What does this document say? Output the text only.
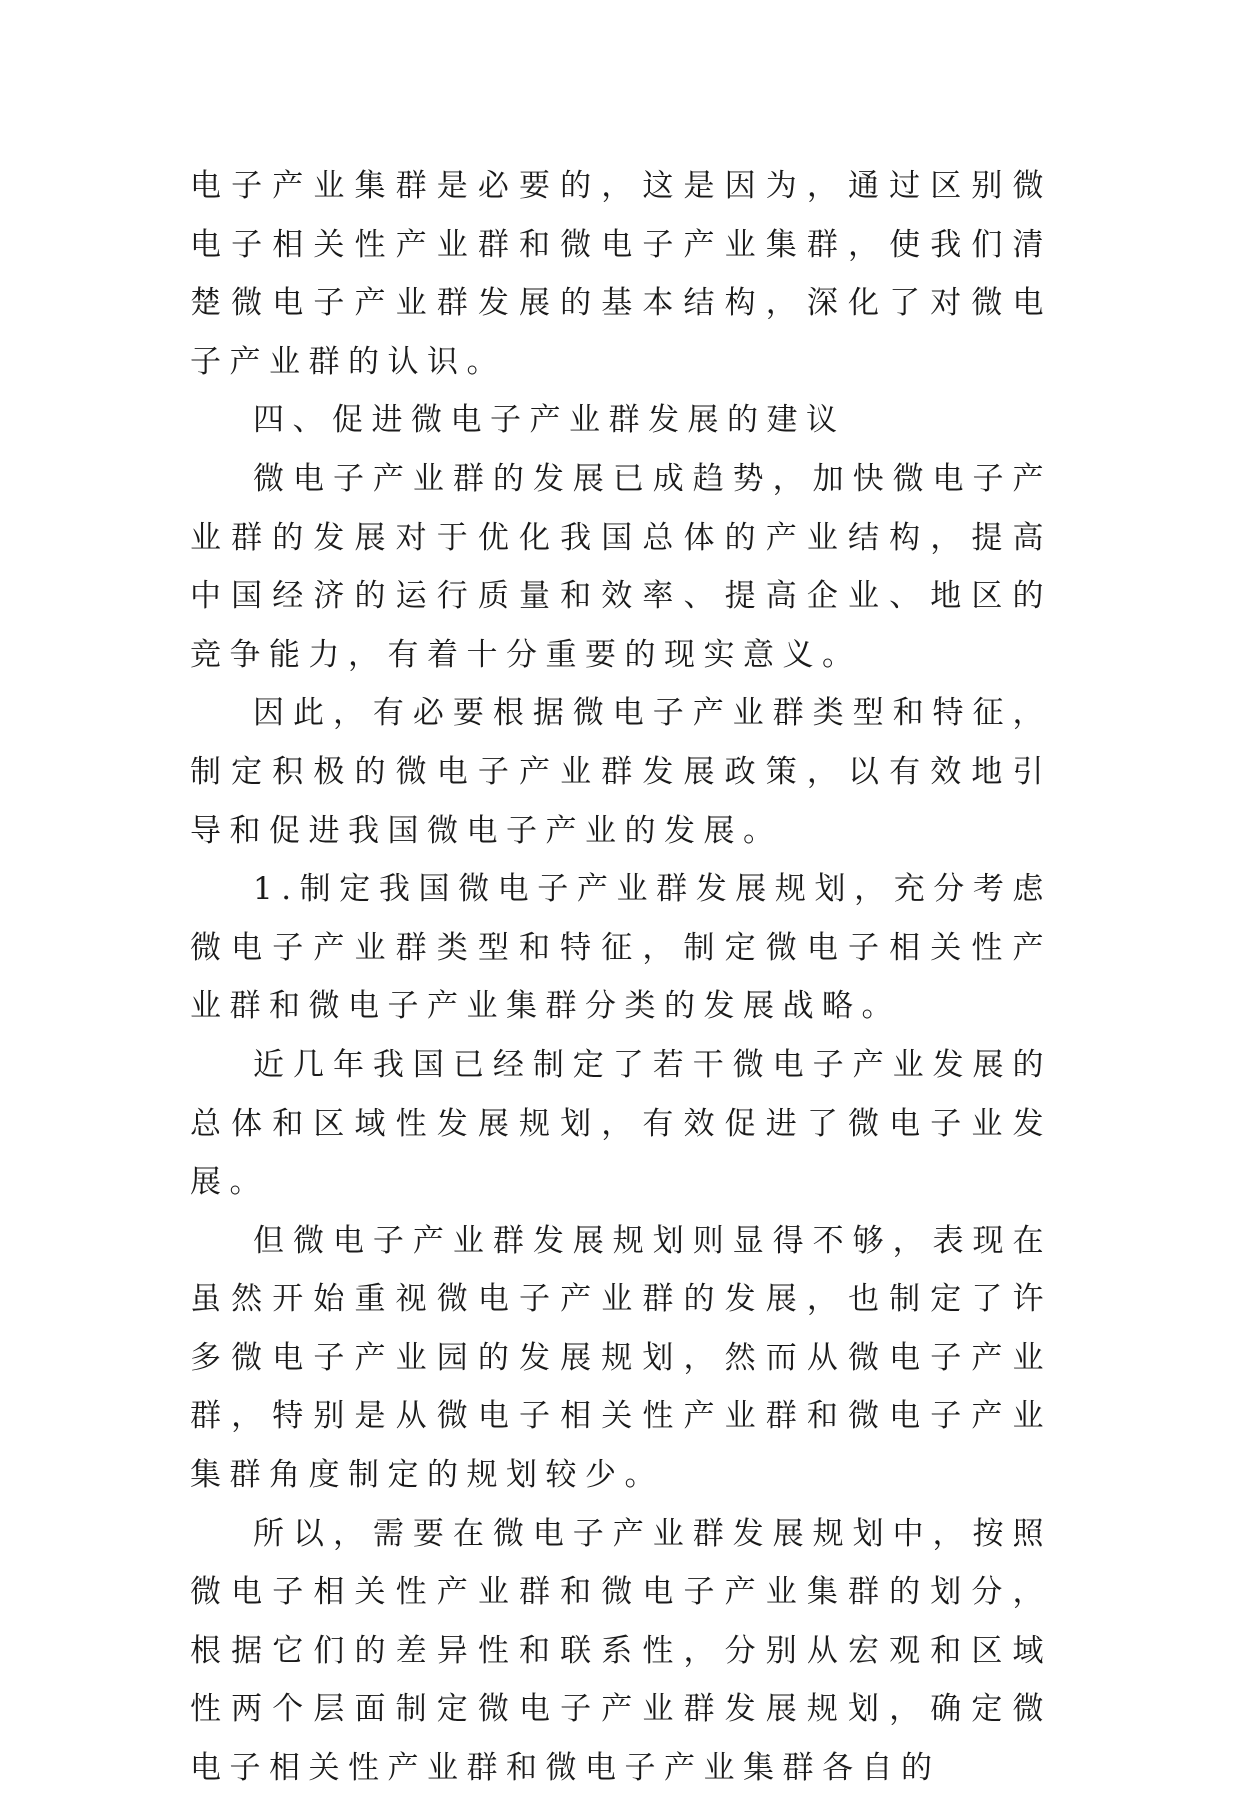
电子产业集群是必要的，这是因为，通过区别微电子相关性产业群和微电子产业集群，使我们清楚微电子产业群发展的基本结构，深化了对微电子产业群的认识。

四、促进微电子产业群发展的建议

微电子产业群的发展已成趋势，加快微电子产业群的发展对于优化我国总体的产业结构，提高中国经济的运行质量和效率、提高企业、地区的竞争能力，有着十分重要的现实意义。

因此，有必要根据微电子产业群类型和特征，制定积极的微电子产业群发展政策，以有效地引导和促进我国微电子产业的发展。

1.制定我国微电子产业群发展规划，充分考虑微电子产业群类型和特征，制定微电子相关性产业群和微电子产业集群分类的发展战略。

近几年我国已经制定了若干微电子产业发展的总体和区域性发展规划，有效促进了微电子业发展。

但微电子产业群发展规划则显得不够，表现在虽然开始重视微电子产业群的发展，也制定了许多微电子产业园的发展规划，然而从微电子产业群，特别是从微电子相关性产业群和微电子产业集群角度制定的规划较少。

所以，需要在微电子产业群发展规划中，按照微电子相关性产业群和微电子产业集群的划分，根据它们的差异性和联系性，分别从宏观和区域性两个层面制定微电子产业群发展规划，确定微电子相关性产业群和微电子产业集群各自的
